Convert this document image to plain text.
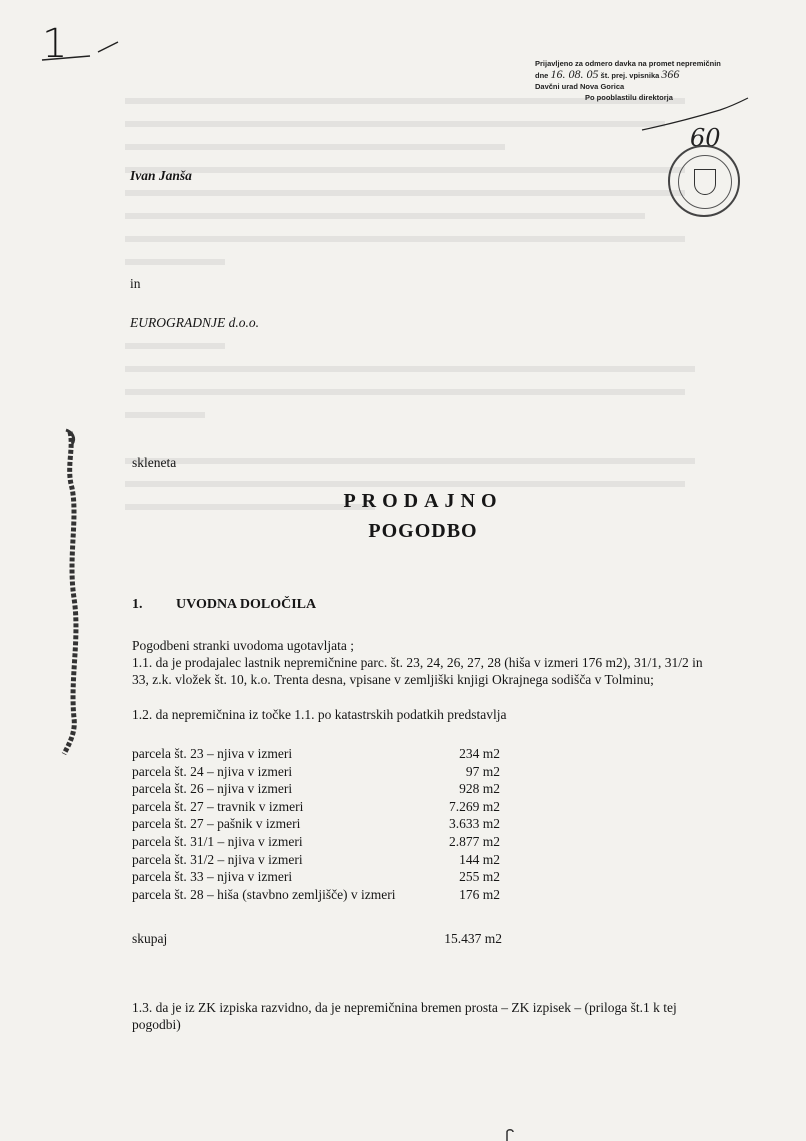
1	Prijavljeno za odmero davka na promet nepremičnin
dne 16. 08. 05 št. prej. vpisnika 366
Davčni urad Nova Gorica
Po pooblastilu direktorja
60
Ivan Janša
in
EUROGRADNJE d.o.o.
skleneta
PRODAJNO
POGODBO
1. UVODNA DOLOČILA
Pogodbeni stranki uvodoma ugotavljata ;
1.1. da je prodajalec lastnik nepremičnine parc. št. 23, 24, 26, 27, 28 (hiša v izmeri 176 m2), 31/1, 31/2 in 33, z.k. vložek št. 10, k.o. Trenta desna, vpisane v zemljiški knjigi Okrajnega sodišča v Tolminu;
1.2. da nepremičnina iz točke 1.1. po katastrskih podatkih predstavlja
parcela št. 23 – njiva v izmeri	234 m2
parcela št. 24 – njiva v izmeri	97 m2
parcela št. 26 – njiva v izmeri	928 m2
parcela št. 27 – travnik v izmeri	7.269 m2
parcela št. 27 – pašnik v izmeri	3.633 m2
parcela št. 31/1 – njiva v izmeri	2.877 m2
parcela št. 31/2 – njiva v izmeri	144 m2
parcela št. 33 – njiva v izmeri	255 m2
parcela št. 28 – hiša (stavbno zemljišče) v izmeri	176 m2
skupaj	15.437 m2
1.3. da je iz ZK izpiska razvidno, da je nepremičnina bremen prosta – ZK izpisek – (priloga št.1 k tej pogodbi)
